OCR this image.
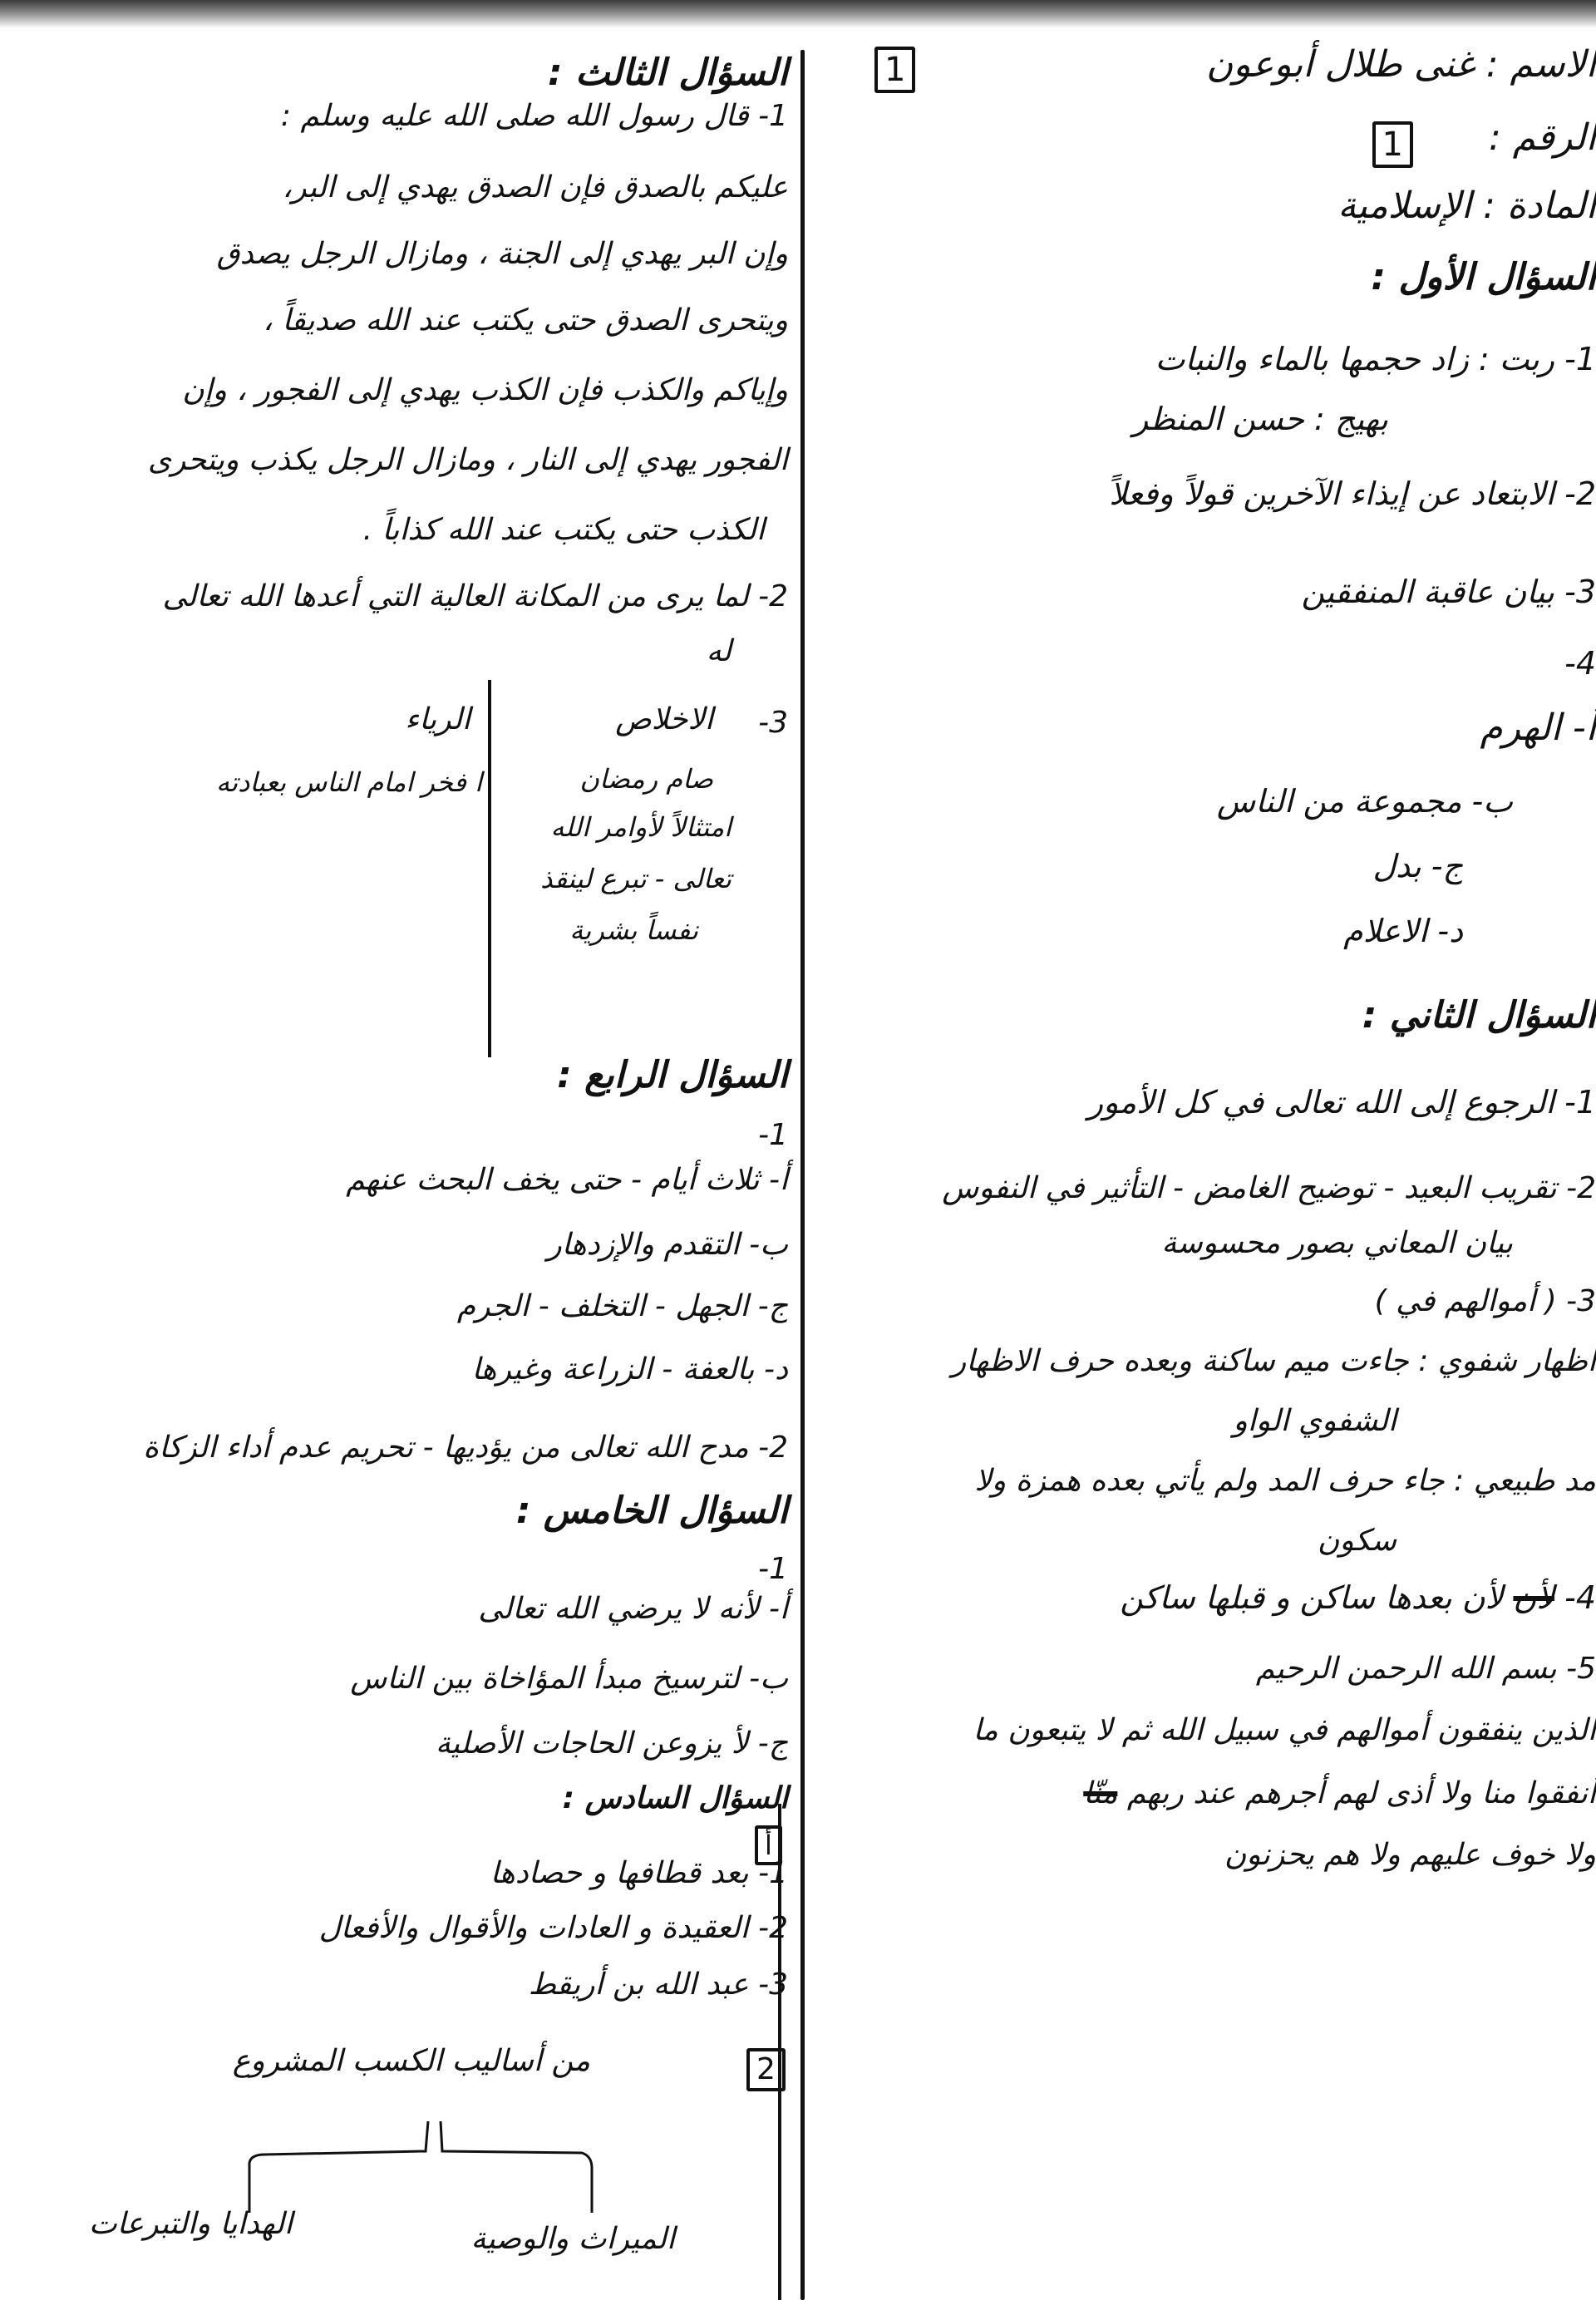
1	الاسم : غنى طلال أبوعون
الرقم :
1
المادة : الإسلامية
السؤال الأول :
1- ربت : زاد حجمها بالماء والنبات
بهيج : حسن المنظر
2- الابتعاد عن إيذاء الآخرين قولاً وفعلاً
3- بيان عاقبة المنفقين
4-
أ- الهرم
ب- مجموعة من الناس
ج- بدل
د- الاعلام
السؤال الثاني :
1- الرجوع إلى الله تعالى في كل الأمور
2- تقريب البعيد - توضيح الغامض - التأثير في النفوس
بيان المعاني بصور محسوسة
3- ( أموالهم في )
اظهار شفوي : جاءت ميم ساكنة وبعده حرف الاظهار
الشفوي الواو
مد طبيعي : جاء حرف المد ولم يأتي بعده همزة ولا
سكون
4- لأن لأن بعدها ساكن و قبلها ساكن
5- بسم الله الرحمن الرحيم
الذين ينفقون أموالهم في سبيل الله ثم لا يتبعون ما
أنفقوا منا ولا أذى لهم أجرهم عند ربهم منّا
ولا خوف عليهم ولا هم يحزنون
السؤال الثالث :
1- قال رسول الله صلى الله عليه وسلم :
عليكم بالصدق فإن الصدق يهدي إلى البر،
وإن البر يهدي إلى الجنة ، ومازال الرجل يصدق
ويتحرى الصدق حتى يكتب عند الله صديقاً ،
وإياكم والكذب فإن الكذب يهدي إلى الفجور ، وإن
الفجور يهدي إلى النار ، ومازال الرجل يكذب ويتحرى
الكذب حتى يكتب عند الله كذاباً .
2- لما يرى من المكانة العالية التي أعدها الله تعالى
له
3-
الاخلاص
صام رمضان
امتثالاً لأوامر الله
تعالى - تبرع لينقذ
نفساً بشرية
الرياء
ا فخر امام الناس بعبادته
السؤال الرابع :
1-
أ- ثلاث أيام - حتى يخف البحث عنهم
ب- التقدم والإزدهار
ج- الجهل - التخلف - الجرم
د- بالعفة - الزراعة وغيرها
2- مدح الله تعالى من يؤديها - تحريم عدم أداء الزكاة
السؤال الخامس :
1-
أ- لأنه لا يرضي الله تعالى
ب- لترسيخ مبدأ المؤاخاة بين الناس
ج- لأ يزوعن الحاجات الأصلية
السؤال السادس :
أ
1- بعد قطافها و حصادها
2- العقيدة و العادات والأقوال والأفعال
3- عبد الله بن أريقط
2
من أساليب الكسب المشروع
الميراث والوصية
الهدايا والتبرعات
